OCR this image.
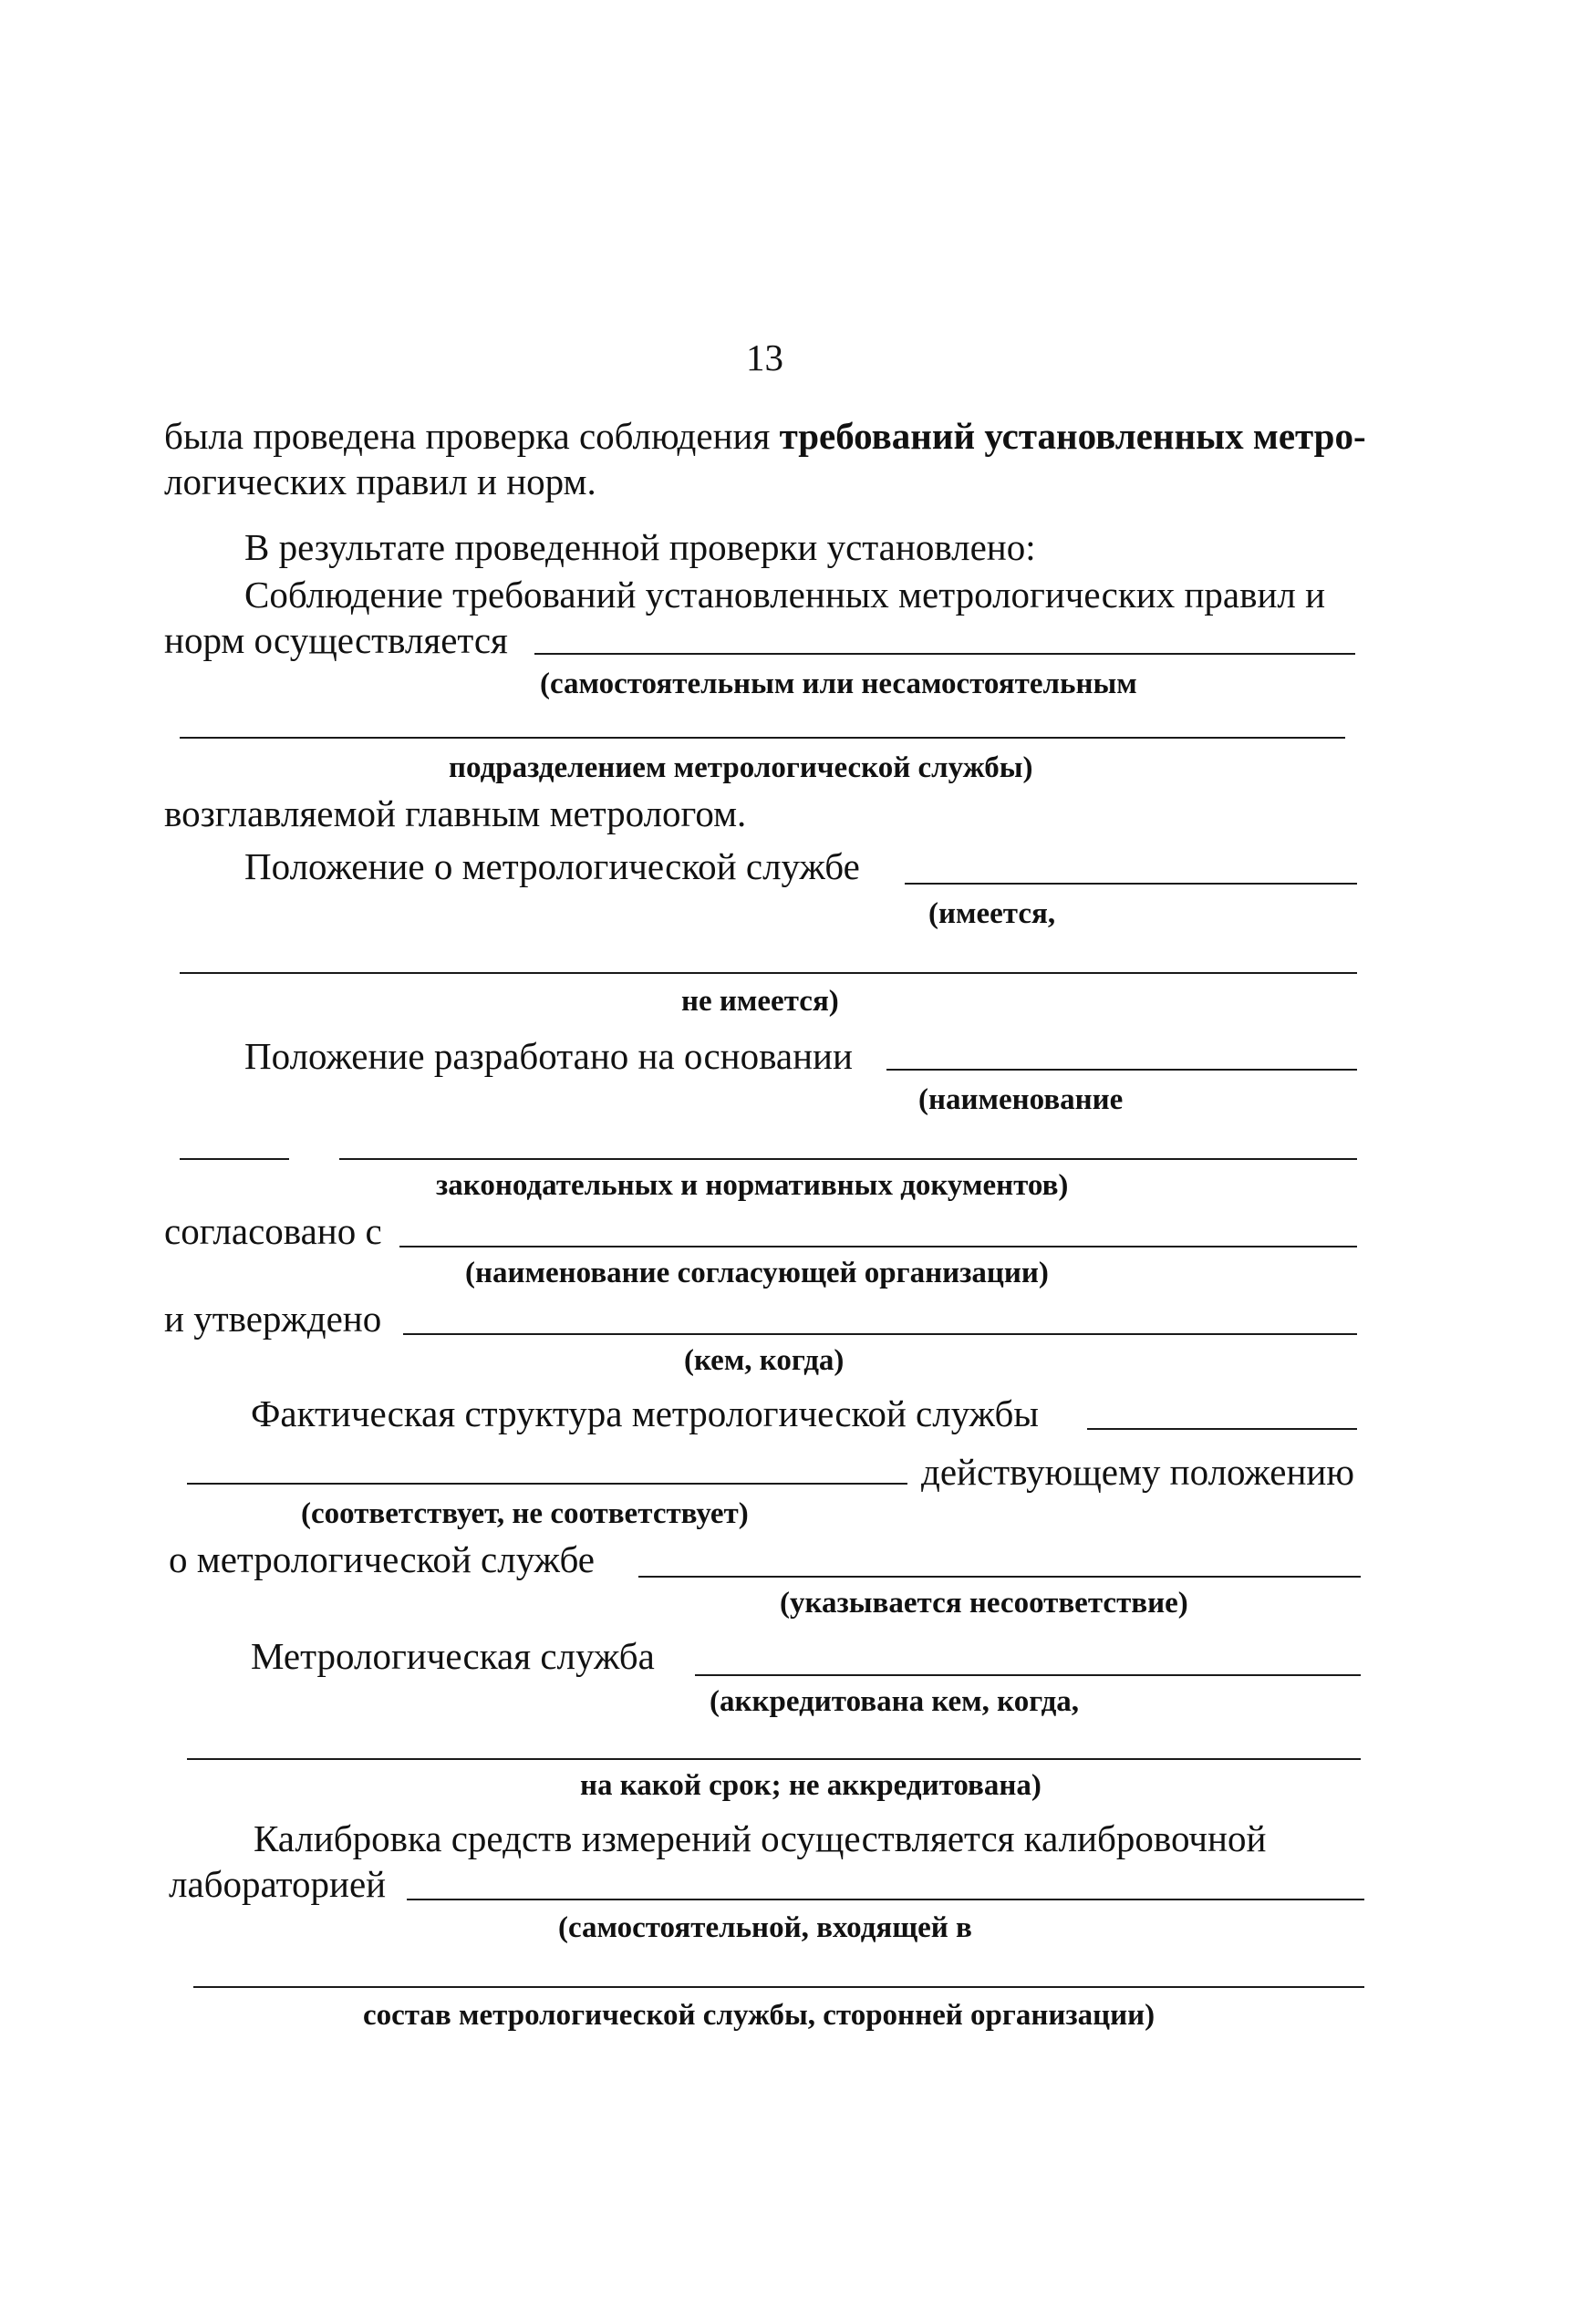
13
была проведена проверка соблюдения требований установленных метро-
логических правил и норм.
В результате проведенной проверки установлено:
Соблюдение требований установленных метрологических правил и
норм осуществляется
(самостоятельным или несамостоятельным
подразделением метрологической службы)
возглавляемой главным метрологом.
Положение о метрологической службе
(имеется,
не имеется)
Положение разработано на основании
(наименование
законодательных и нормативных документов)
согласовано с
(наименование согласующей организации)
и утверждено
(кем, когда)
Фактическая структура метрологической службы
действующему положению
(соответствует, не соответствует)
о метрологической службе
(указывается несоответствие)
Метрологическая служба
(аккредитована кем, когда,
на какой срок; не аккредитована)
Калибровка средств измерений осуществляется калибровочной
лабораторией
(самостоятельной, входящей в
состав метрологической службы, сторонней организации)
